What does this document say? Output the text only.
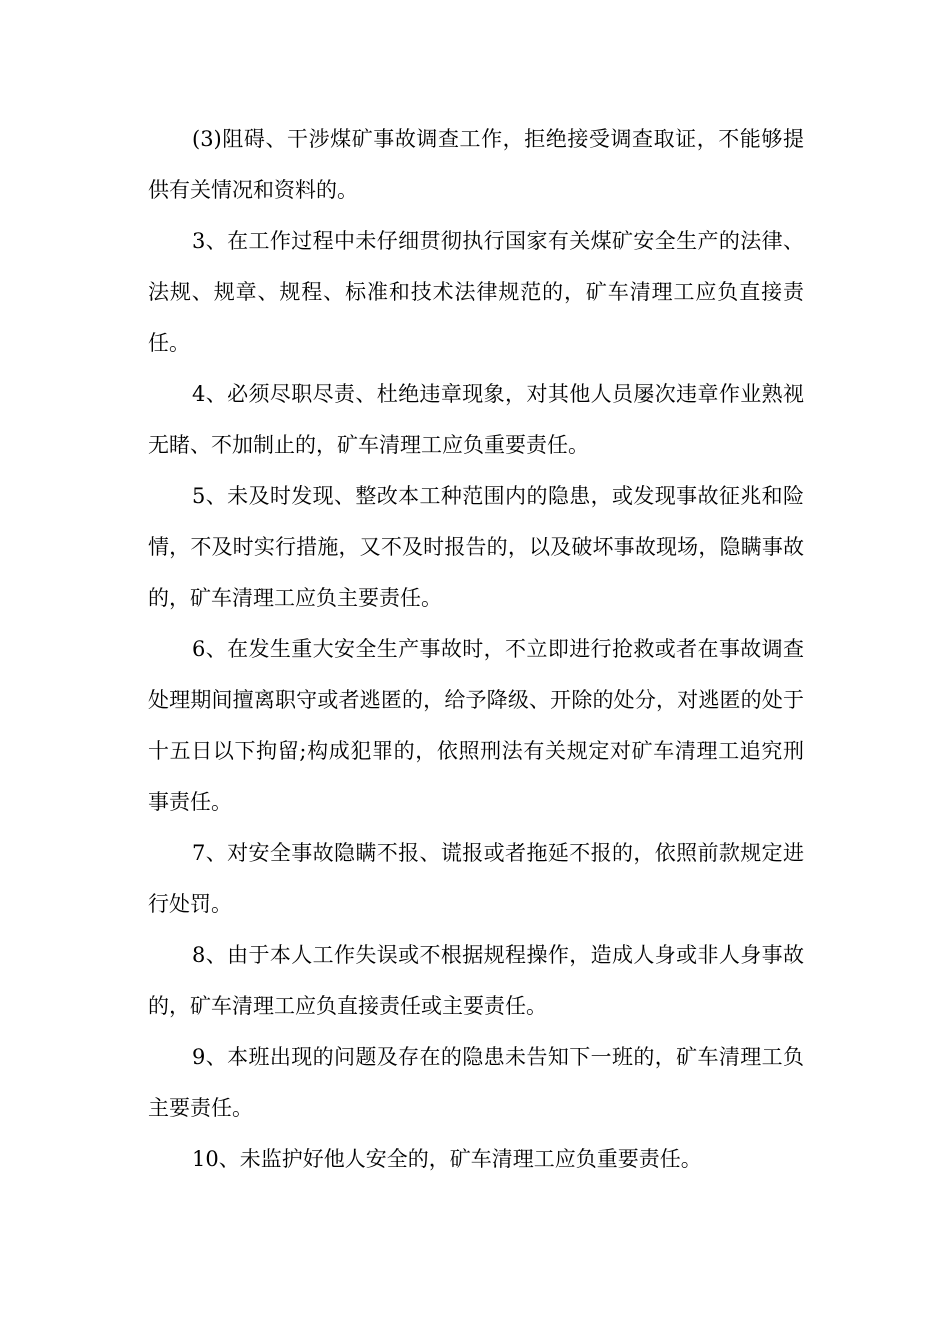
(3)阻碍、干涉煤矿事故调查工作，拒绝接受调查取证，不能够提供有关情况和资料的。

3、在工作过程中未仔细贯彻执行国家有关煤矿安全生产的法律、法规、规章、规程、标准和技术法律规范的，矿车清理工应负直接责任。

4、必须尽职尽责、杜绝违章现象，对其他人员屡次违章作业熟视无睹、不加制止的，矿车清理工应负重要责任。

5、未及时发现、整改本工种范围内的隐患，或发现事故征兆和险情，不及时实行措施，又不及时报告的，以及破坏事故现场，隐瞒事故的，矿车清理工应负主要责任。

6、在发生重大安全生产事故时，不立即进行抢救或者在事故调查处理期间擅离职守或者逃匿的，给予降级、开除的处分，对逃匿的处于十五日以下拘留;构成犯罪的，依照刑法有关规定对矿车清理工追究刑事责任。

7、对安全事故隐瞒不报、谎报或者拖延不报的，依照前款规定进行处罚。

8、由于本人工作失误或不根据规程操作，造成人身或非人身事故的，矿车清理工应负直接责任或主要责任。

9、本班出现的问题及存在的隐患未告知下一班的，矿车清理工负主要责任。

10、未监护好他人安全的，矿车清理工应负重要责任。
